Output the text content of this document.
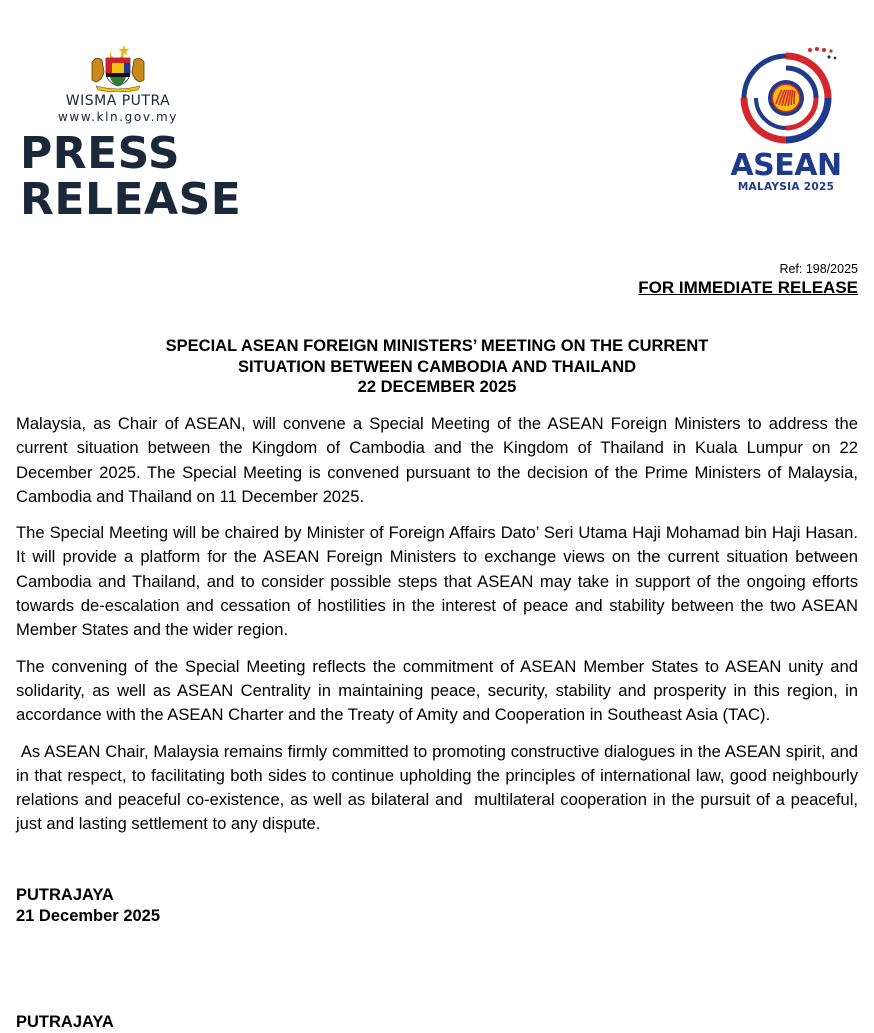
WISMA PUTRA
www.kln.gov.my
PRESS
RELEASE
ASEAN
MALAYSIA 2025
Ref: 198/2025
FOR IMMEDIATE RELEASE
SPECIAL ASEAN FOREIGN MINISTERS’ MEETING ON THE CURRENT
SITUATION BETWEEN CAMBODIA AND THAILAND
22 DECEMBER 2025

Malaysia, as Chair of ASEAN, will convene a Special Meeting of the ASEAN Foreign Ministers to address the current situation between the Kingdom of Cambodia and the Kingdom of Thailand in Kuala Lumpur on 22 December 2025. The Special Meeting is convened pursuant to the decision of the Prime Ministers of Malaysia, Cambodia and Thailand on 11 December 2025.

The Special Meeting will be chaired by Minister of Foreign Affairs Dato’ Seri Utama Haji Mohamad bin Haji Hasan. It will provide a platform for the ASEAN Foreign Ministers to exchange views on the current situation between Cambodia and Thailand, and to consider possible steps that ASEAN may take in support of the ongoing efforts towards de-escalation and cessation of hostilities in the interest of peace and stability between the two ASEAN Member States and the wider region.

The convening of the Special Meeting reflects the commitment of ASEAN Member States to ASEAN unity and solidarity, as well as ASEAN Centrality in maintaining peace, security, stability and prosperity in this region, in accordance with the ASEAN Charter and the Treaty of Amity and Cooperation in Southeast Asia (TAC).

As ASEAN Chair, Malaysia remains firmly committed to promoting constructive dialogues in the ASEAN spirit, and in that respect, to facilitating both sides to continue upholding the principles of international law, good neighbourly relations and peaceful co-existence, as well as bilateral and  multilateral cooperation in the pursuit of a peaceful, just and lasting settlement to any dispute.

PUTRAJAYA
21 December 2025
PUTRAJAYA
